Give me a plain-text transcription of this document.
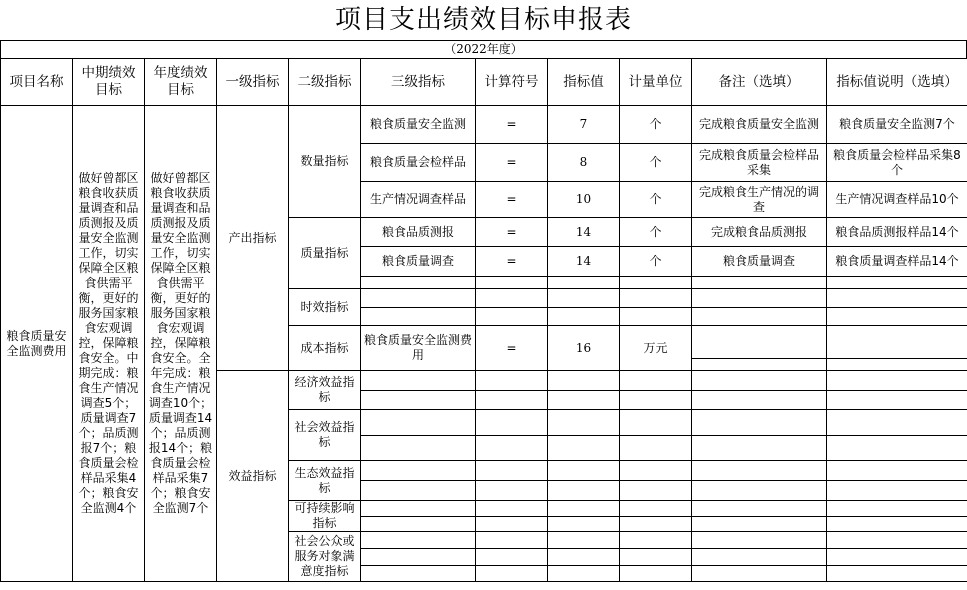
项目支出绩效目标申报表
（2022年度）
项目名称	中期绩效目标	年度绩效目标	一级指标	二级指标	三级指标	计算符号	指标值	计量单位	备注（选填）	指标值说明（选填）
粮食质量安全监测费用	做好曾都区粮食收获质量调查和品质测报及质量安全监测工作，切实保障全区粮食供需平衡，更好的服务国家粮食宏观调控，保障粮食安全。中期完成：粮食生产情况调查5个；质量调查7个；品质测报7个；粮食质量会检样品采集4个；粮食安全监测4个	做好曾都区粮食收获质量调查和品质测报及质量安全监测工作，切实保障全区粮食供需平衡，更好的服务国家粮食宏观调控，保障粮食安全。全年完成：粮食生产情况调查10个；质量调查14个；品质测报14个；粮食质量会检样品采集7个；粮食安全监测7个	产出指标	数量指标	粮食质量安全监测	=	7	个	完成粮食质量安全监测	粮食质量安全监测7个
					粮食质量会检样品	=	8	个	完成粮食质量会检样品采集	粮食质量会检样品采集8个
					生产情况调查样品	=	10	个	完成粮食生产情况的调查	生产情况调查样品10个
				质量指标	粮食品质测报	=	14	个	完成粮食品质测报	粮食品质测报样品14个
					粮食质量调查	=	14	个	粮食质量调查	粮食质量调查样品14个

				时效指标						

				成本指标	粮食质量安全监测费用	=	16	万元		

			效益指标	经济效益指标						

				社会效益指标						

				生态效益指标						

				可持续影响指标						

				社会公众或服务对象满意度指标						
